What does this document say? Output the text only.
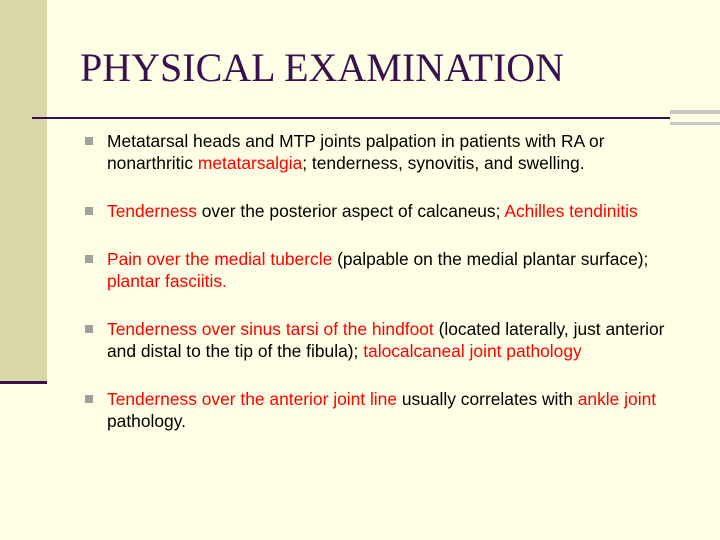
PHYSICAL EXAMINATION
Metatarsal heads and MTP joints palpation in patients with RA or nonarthritic metatarsalgia; tenderness, synovitis, and swelling.
Tenderness over the posterior aspect of calcaneus; Achilles tendinitis
Pain over the medial tubercle (palpable on the medial plantar surface); plantar fasciitis.
Tenderness over sinus tarsi of the hindfoot (located laterally, just anterior and distal to the tip of the fibula); talocalcaneal joint pathology
Tenderness over the anterior joint line usually correlates with ankle joint pathology.
